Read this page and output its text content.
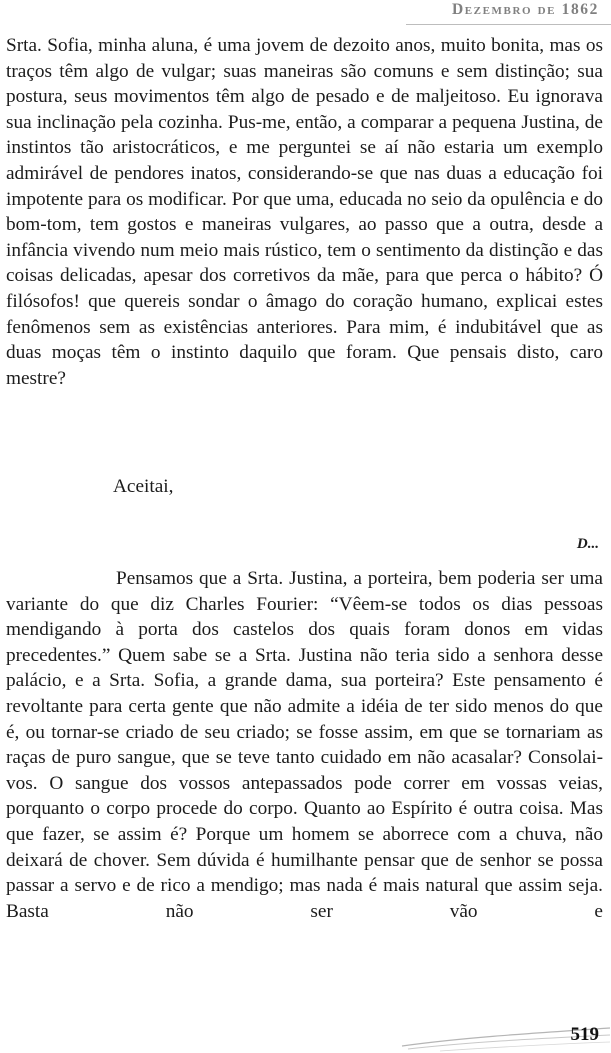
Dezembro de 1862

Srta. Sofia, minha aluna, é uma jovem de dezoito anos, muito bonita, mas os traços têm algo de vulgar; suas maneiras são comuns e sem distinção; sua postura, seus movimentos têm algo de pesado e de maljeitoso. Eu ignorava sua inclinação pela cozinha. Pus-me, então, a comparar a pequena Justina, de instintos tão aristocráticos, e me perguntei se aí não estaria um exemplo admirável de pendores inatos, considerando-se que nas duas a educação foi impotente para os modificar. Por que uma, educada no seio da opulência e do bom-tom, tem gostos e maneiras vulgares, ao passo que a outra, desde a infância vivendo num meio mais rústico, tem o sentimento da distinção e das coisas delicadas, apesar dos corretivos da mãe, para que perca o hábito? Ó filósofos! que quereis sondar o âmago do coração humano, explicai estes fenômenos sem as existências anteriores. Para mim, é indubitável que as duas moças têm o instinto daquilo que foram. Que pensais disto, caro mestre?

Aceitai,

D...

Pensamos que a Srta. Justina, a porteira, bem poderia ser uma variante do que diz Charles Fourier: “Vêem-se todos os dias pessoas mendigando à porta dos castelos dos quais foram donos em vidas precedentes.” Quem sabe se a Srta. Justina não teria sido a senhora desse palácio, e a Srta. Sofia, a grande dama, sua porteira? Este pensamento é revoltante para certa gente que não admite a idéia de ter sido menos do que é, ou tornar-se criado de seu criado; se fosse assim, em que se tornariam as raças de puro sangue, que se teve tanto cuidado em não acasalar? Consolai-vos. O sangue dos vossos antepassados pode correr em vossas veias, porquanto o corpo procede do corpo. Quanto ao Espírito é outra coisa. Mas que fazer, se assim é? Porque um homem se aborrece com a chuva, não deixará de chover. Sem dúvida é humilhante pensar que de senhor se possa passar a servo e de rico a mendigo; mas nada é mais natural que assim seja. Basta não ser vão e

519
